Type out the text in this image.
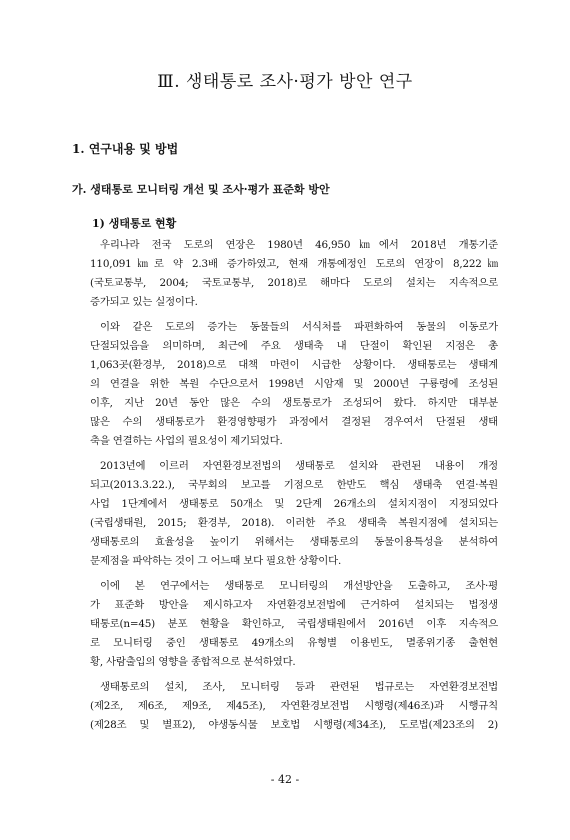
Ⅲ. 생태통로 조사·평가 방안 연구
1. 연구내용 및 방법
가. 생태통로 모니터링 개선 및 조사·평가 표준화 방안
1) 생태통로 현황

우리나라 전국 도로의 연장은 1980년 46,950㎞에서 2018년 개통기준
110,091㎞로 약 2.3배 증가하였고, 현재 개통예정인 도로의 연장이 8,222㎞
(국토교통부, 2004; 국토교통부, 2018)로 해마다 도로의 설치는 지속적으로
증가되고 있는 실정이다.

이와 같은 도로의 증가는 동물들의 서식처를 파편화하여 동물의 이동로가
단절되었음을 의미하며, 최근에 주요 생태축 내 단절이 확인된 지점은 총
1,063곳(환경부, 2018)으로 대책 마련이 시급한 상황이다. 생태통로는 생태계
의 연결을 위한 복원 수단으로서 1998년 시암재 및 2000년 구룡령에 조성된
이후, 지난 20년 동안 많은 수의 생토통로가 조성되어 왔다. 하지만 대부분
많은 수의 생태통로가 환경영향평가 과정에서 결정된 경우여서 단절된 생태
축을 연결하는 사업의 필요성이 제기되었다.

2013년에 이르러 자연환경보전법의 생태통로 설치와 관련된 내용이 개정
되고(2013.3.22.), 국무회의 보고를 기점으로 한반도 핵심 생태축 연결·복원
사업 1단계에서 생태통로 50개소 및 2단계 26개소의 설치지점이 지정되었다
(국립생태원, 2015; 환경부, 2018). 이러한 주요 생태축 복원지점에 설치되는
생태통로의 효율성을 높이기 위해서는 생태통로의 동물이용특성을 분석하여
문제점을 파악하는 것이 그 어느때 보다 필요한 상황이다.

이에 본 연구에서는 생태통로 모니터링의 개선방안을 도출하고, 조사·평
가 표준화 방안을 제시하고자 자연환경보전법에 근거하여 설치되는 법정생
태통로(n=45) 분포 현황을 확인하고, 국립생태원에서 2016년 이후 지속적으
로 모니터링 중인 생태통로 49개소의 유형별 이용빈도, 멸종위기종 출현현
황, 사람출입의 영향을 종합적으로 분석하였다.

생태통로의 설치, 조사, 모니터링 등과 관련된 법규로는 자연환경보전법
(제2조, 제6조, 제9조, 제45조), 자연환경보전법 시행령(제46조)과 시행규칙
(제28조 및 별표2), 야생동식물 보호법 시행령(제34조), 도로법(제23조의 2)

- 42 -
